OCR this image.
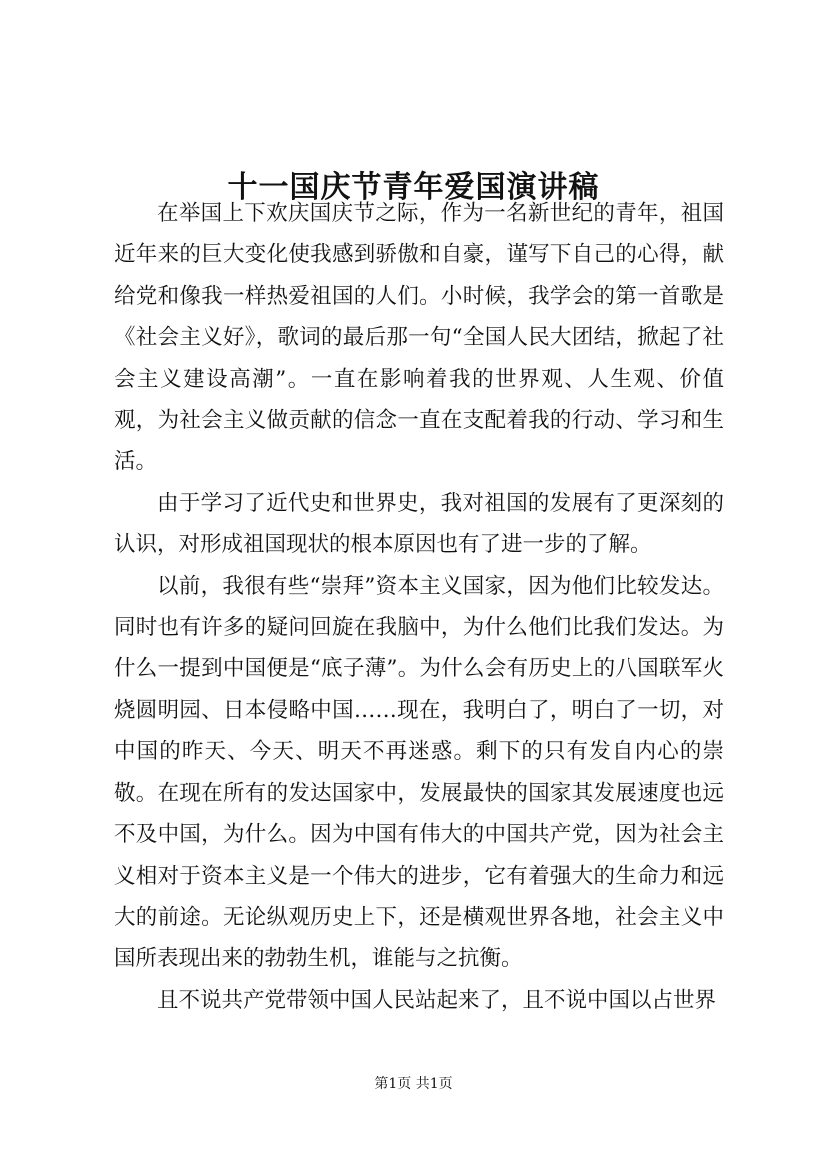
十一国庆节青年爱国演讲稿

在举国上下欢庆国庆节之际，作为一名新世纪的青年，祖国近年来的巨大变化使我感到骄傲和自豪，谨写下自己的心得，献给党和像我一样热爱祖国的人们。小时候，我学会的第一首歌是《社会主义好》，歌词的最后那一句“全国人民大团结，掀起了社会主义建设高潮”。一直在影响着我的世界观、人生观、价值观，为社会主义做贡献的信念一直在支配着我的行动、学习和生活。

由于学习了近代史和世界史，我对祖国的发展有了更深刻的认识，对形成祖国现状的根本原因也有了进一步的了解。

以前，我很有些“崇拜”资本主义国家，因为他们比较发达。同时也有许多的疑问回旋在我脑中，为什么他们比我们发达。为什么一提到中国便是“底子薄”。为什么会有历史上的八国联军火烧圆明园、日本侵略中国……现在，我明白了，明白了一切，对中国的昨天、今天、明天不再迷惑。剩下的只有发自内心的崇敬。在现在所有的发达国家中，发展最快的国家其发展速度也远不及中国，为什么。因为中国有伟大的中国共产党，因为社会主义相对于资本主义是一个伟大的进步，它有着强大的生命力和远大的前途。无论纵观历史上下，还是横观世界各地，社会主义中国所表现出来的勃勃生机，谁能与之抗衡。

且不说共产党带领中国人民站起来了，且不说中国以占世界

第1页 共1页
